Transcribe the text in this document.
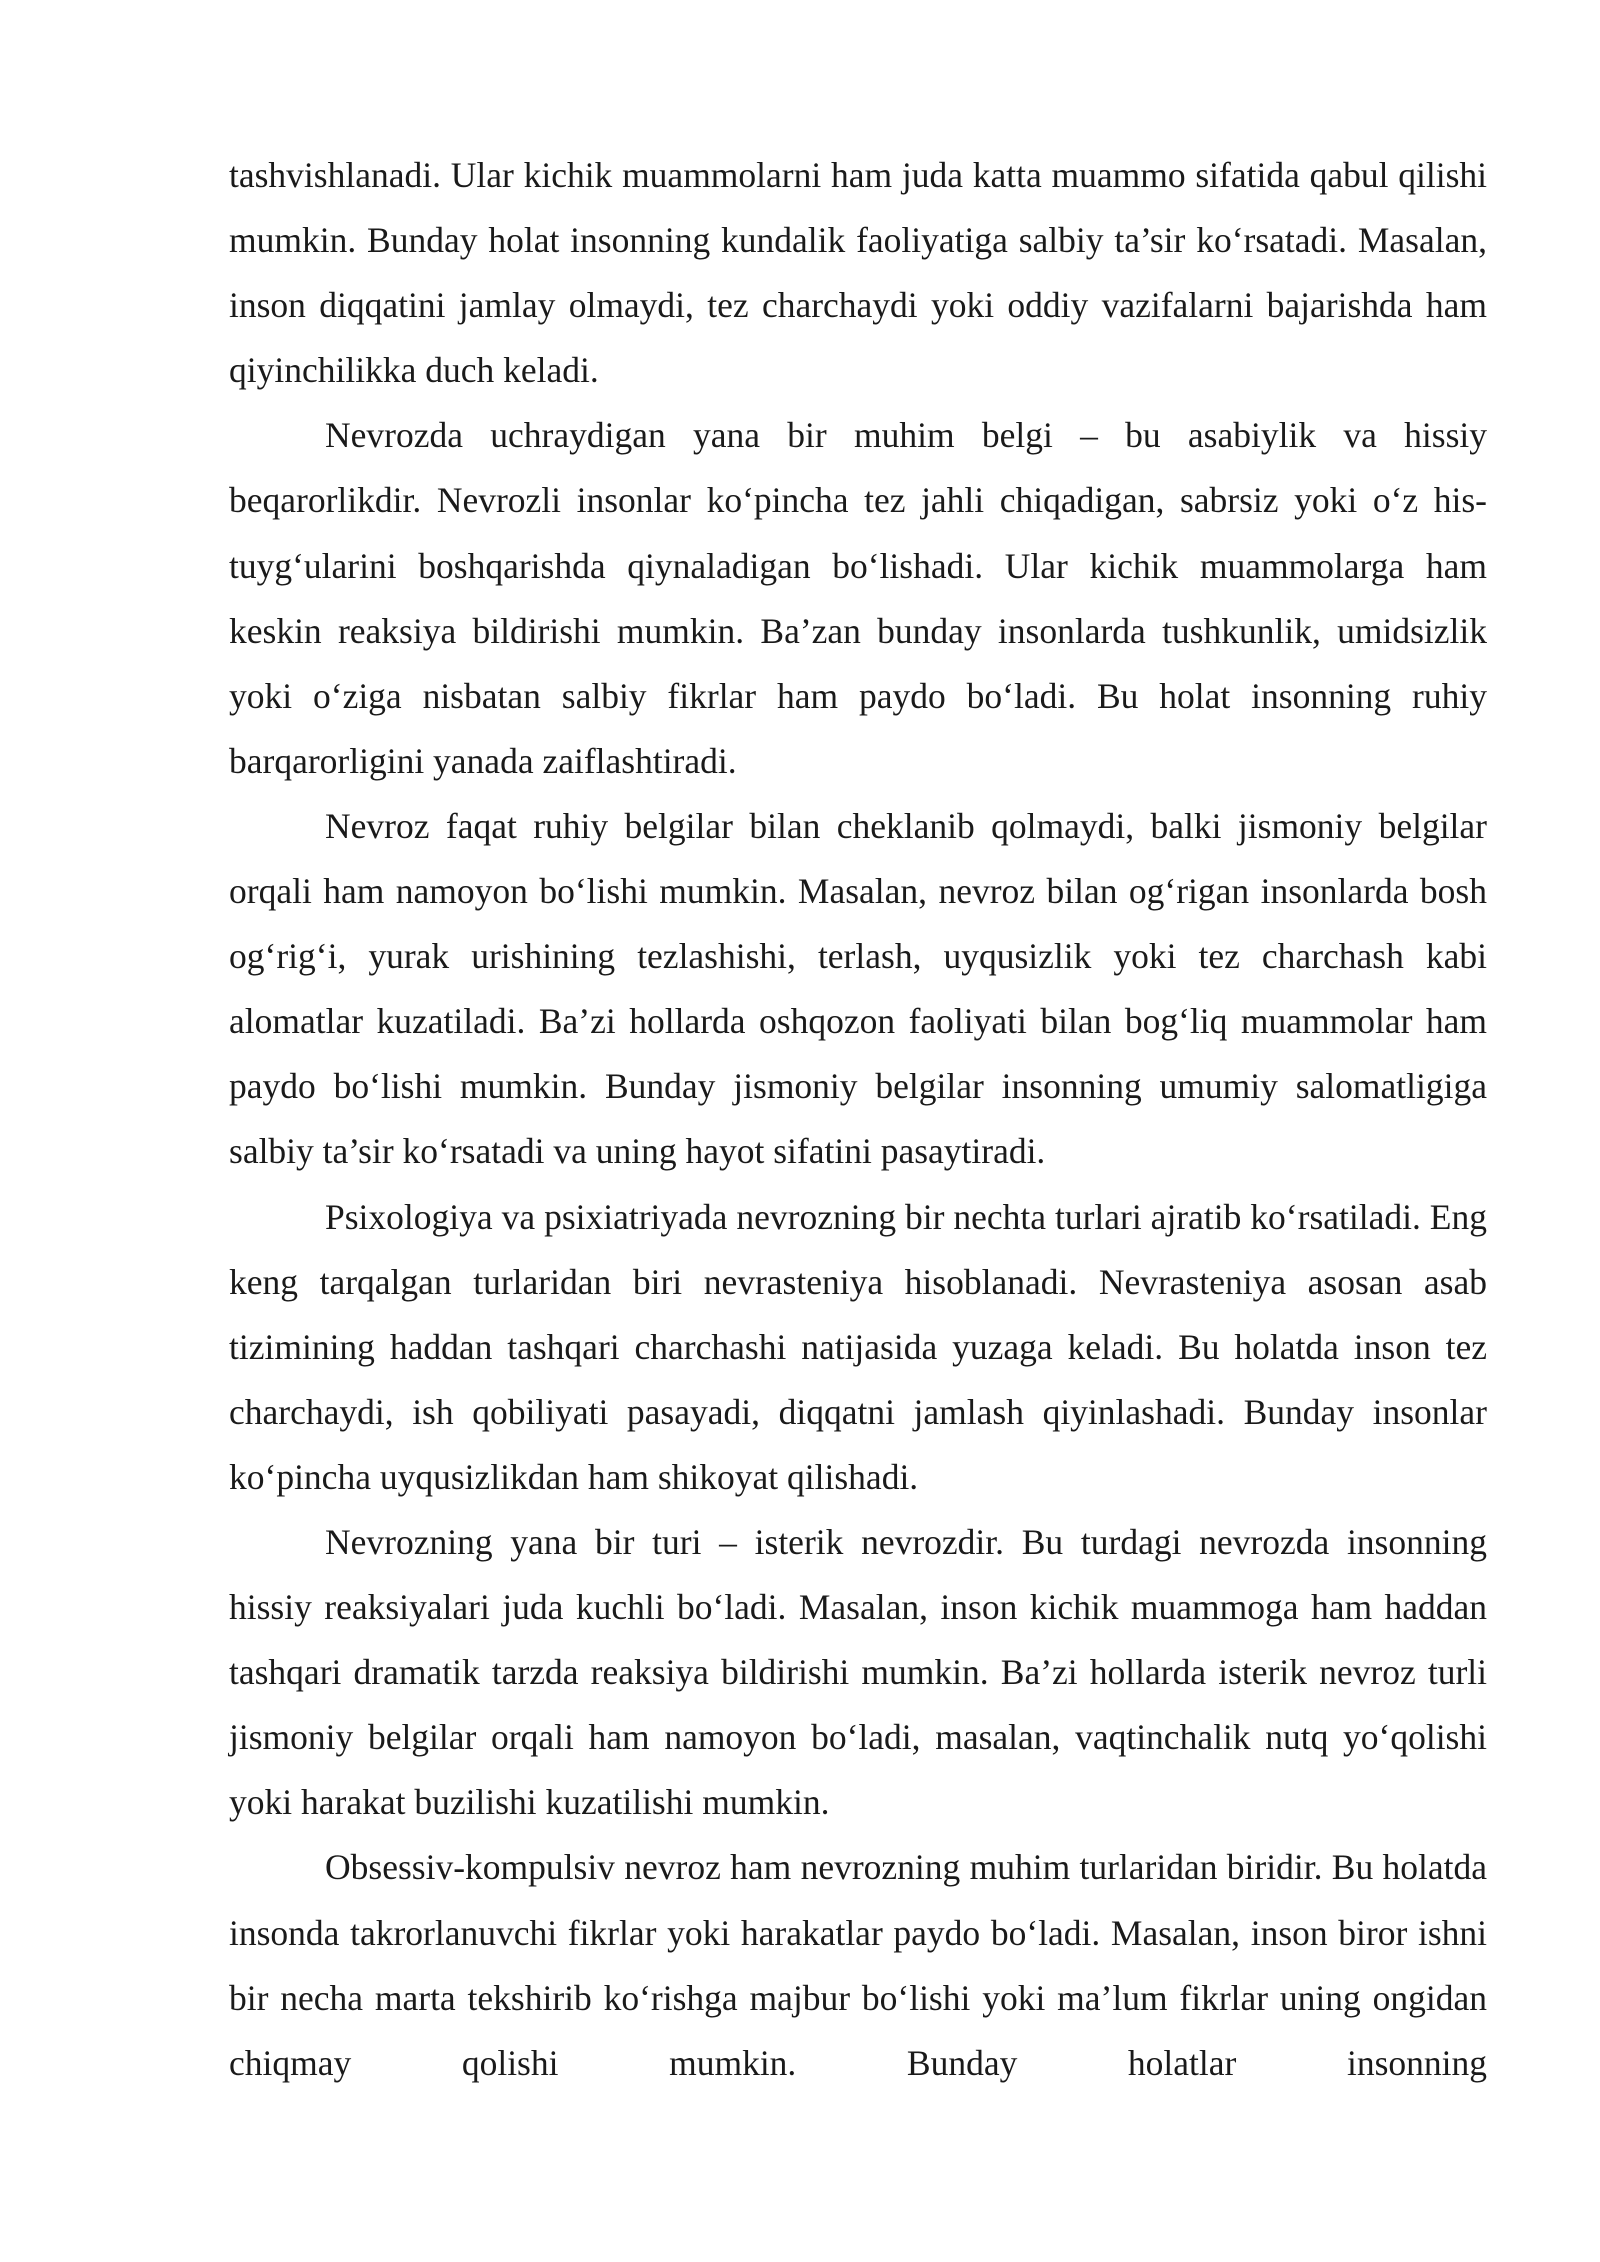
tashvishlanadi. Ular kichik muammolarni ham juda katta muammo sifatida qabul qilishi mumkin. Bunday holat insonning kundalik faoliyatiga salbiy ta’sir ko‘rsatadi. Masalan, inson diqqatini jamlay olmaydi, tez charchaydi yoki oddiy vazifalarni bajarishda ham qiyinchilikka duch keladi.

Nevrozda uchraydigan yana bir muhim belgi – bu asabiylik va hissiy beqarorlikdir. Nevrozli insonlar ko‘pincha tez jahli chiqadigan, sabrsiz yoki o‘z his-tuyg‘ularini boshqarishda qiynaladigan bo‘lishadi. Ular kichik muammolarga ham keskin reaksiya bildirishi mumkin. Ba’zan bunday insonlarda tushkunlik, umidsizlik yoki o‘ziga nisbatan salbiy fikrlar ham paydo bo‘ladi. Bu holat insonning ruhiy barqarorligini yanada zaiflashtiradi.

Nevroz faqat ruhiy belgilar bilan cheklanib qolmaydi, balki jismoniy belgilar orqali ham namoyon bo‘lishi mumkin. Masalan, nevroz bilan og‘rigan insonlarda bosh og‘rig‘i, yurak urishining tezlashishi, terlash, uyqusizlik yoki tez charchash kabi alomatlar kuzatiladi. Ba’zi hollarda oshqozon faoliyati bilan bog‘liq muammolar ham paydo bo‘lishi mumkin. Bunday jismoniy belgilar insonning umumiy salomatligiga salbiy ta’sir ko‘rsatadi va uning hayot sifatini pasaytiradi.

Psixologiya va psixiatriyada nevrozning bir nechta turlari ajratib ko‘rsatiladi. Eng keng tarqalgan turlaridan biri nevrasteniya hisoblanadi. Nevrasteniya asosan asab tizimining haddan tashqari charchashi natijasida yuzaga keladi. Bu holatda inson tez charchaydi, ish qobiliyati pasayadi, diqqatni jamlash qiyinlashadi. Bunday insonlar ko‘pincha uyqusizlikdan ham shikoyat qilishadi.

Nevrozning yana bir turi – isterik nevrozdir. Bu turdagi nevrozda insonning hissiy reaksiyalari juda kuchli bo‘ladi. Masalan, inson kichik muammoga ham haddan tashqari dramatik tarzda reaksiya bildirishi mumkin. Ba’zi hollarda isterik nevroz turli jismoniy belgilar orqali ham namoyon bo‘ladi, masalan, vaqtinchalik nutq yo‘qolishi yoki harakat buzilishi kuzatilishi mumkin.

Obsessiv-kompulsiv nevroz ham nevrozning muhim turlaridan biridir. Bu holatda insonda takrorlanuvchi fikrlar yoki harakatlar paydo bo‘ladi. Masalan, inson biror ishni bir necha marta tekshirib ko‘rishga majbur bo‘lishi yoki ma’lum fikrlar uning ongidan chiqmay qolishi mumkin. Bunday holatlar insonning
